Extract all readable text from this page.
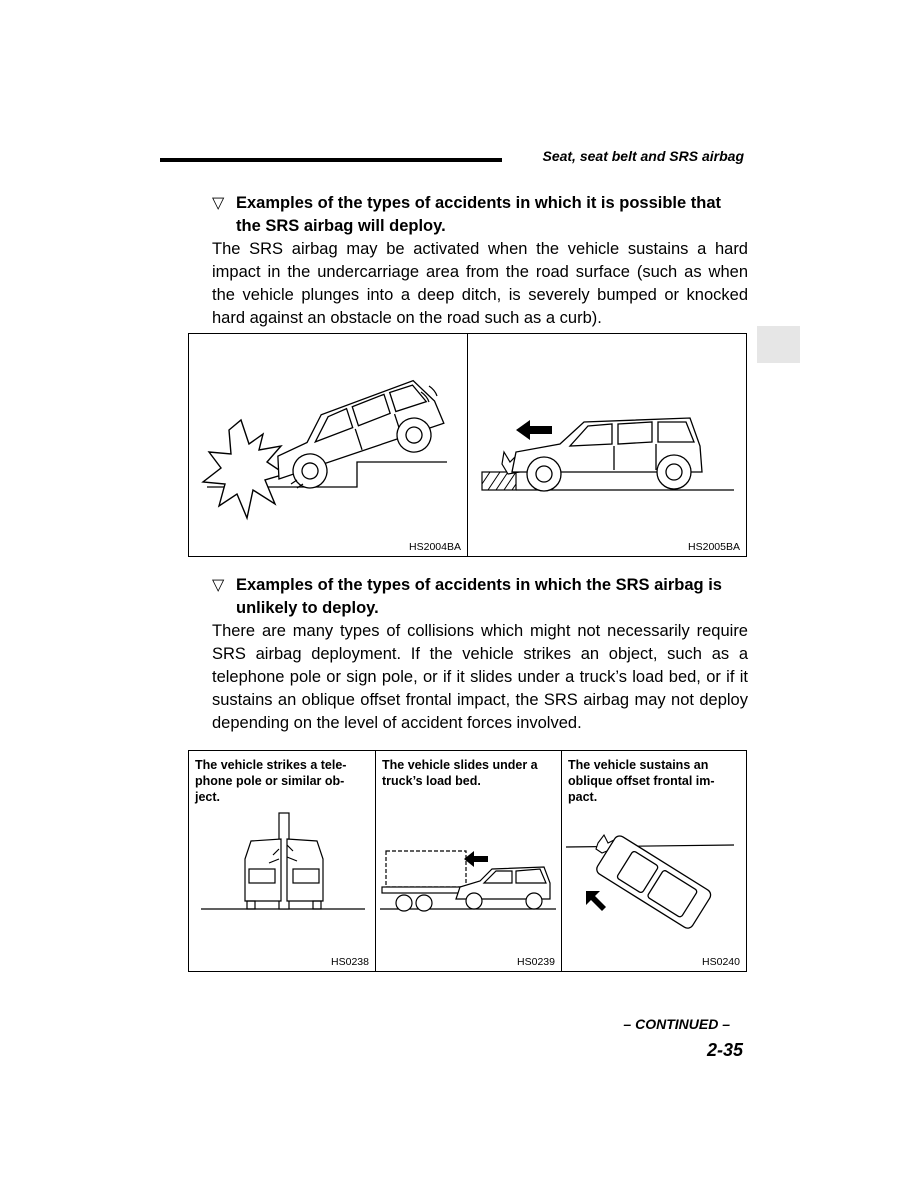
Seat, seat belt and SRS airbag
▽ Examples of the types of accidents in which it is possible that the SRS airbag will deploy.
The SRS airbag may be activated when the vehicle sustains a hard impact in the undercarriage area from the road surface (such as when the vehicle plunges into a deep ditch, is severely bumped or knocked hard against an obstacle on the road such as a curb).
HS2004BA	HS2005BA
▽ Examples of the types of accidents in which the SRS airbag is unlikely to deploy.
There are many types of collisions which might not necessarily require SRS airbag deployment. If the vehicle strikes an object, such as a telephone pole or sign pole, or if it slides under a truck’s load bed, or if it sustains an oblique offset frontal impact, the SRS airbag may not deploy depending on the level of accident forces involved.
The vehicle strikes a tele-phone pole or similar ob-ject.
HS0238
The vehicle slides under a truck’s load bed.
HS0239
The vehicle sustains an oblique offset frontal im-pact.
HS0240
– CONTINUED –
2-35
